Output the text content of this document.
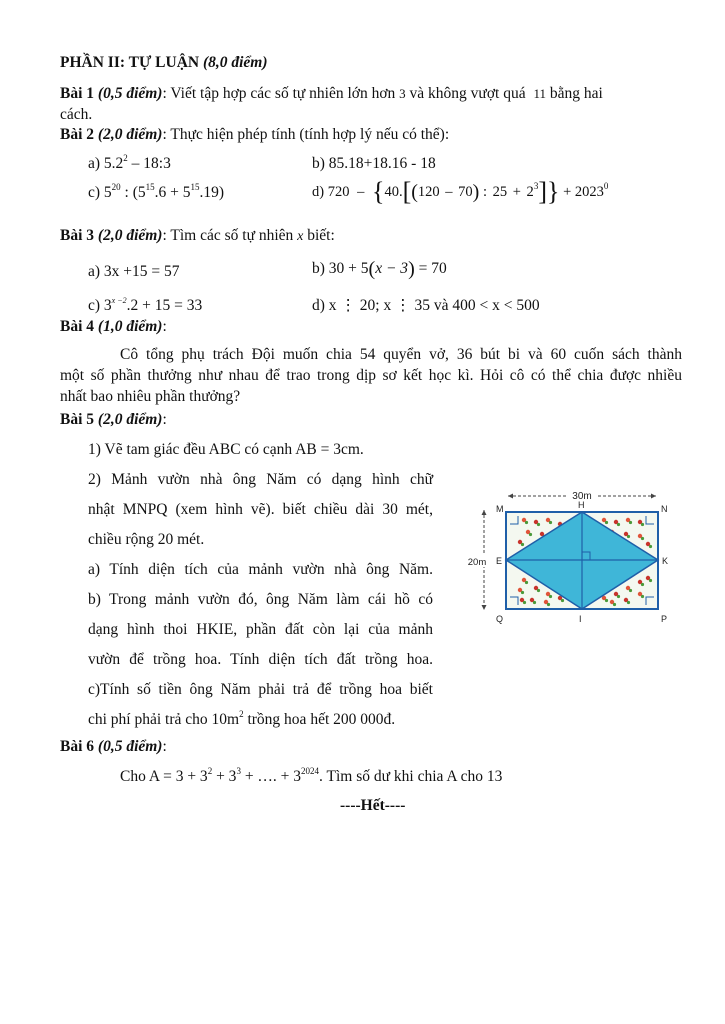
PHẦN II: TỰ LUẬN (8,0 điểm)
Bài 1 (0,5 điểm): Viết tập hợp các số tự nhiên lớn hơn 3 và không vượt quá 11 bằng hai
cách.
Bài 2 (2,0 điểm): Thực hiện phép tính (tính hợp lý nếu có thể):
a) $5.2^2$ – 18:3	b) 85.18+18.16 - 18
c) $5^{20}$ : $(5^{15}.6 + 5^{15}.19)$	d) 720 – {40.[(120 – 70) : $25 + 2^3]\} + 2023^0$
Bài 3 (2,0 điểm): Tìm các số tự nhiên x biết:
a) 3x +15 = 57	b) 30 + 5(x − 3) = 70
c) $3^{x -2}.2 + 15 = 33$	d) x ⋮ 20; x ⋮ 35 và 400 < x < 500
Bài 4 (1,0 điểm):
Cô tổng phụ trách Đội muốn chia 54 quyển vở, 36 bút bi và 60 cuốn sách thành
một số phần thưởng như nhau để trao trong dịp sơ kết học kì. Hỏi cô có thể chia được nhiều
nhất bao nhiêu phần thưởng?
Bài 5 (2,0 điểm):
1) Vẽ tam giác đều ABC có cạnh AB = 3cm.
2) Mảnh vườn nhà ông Năm có dạng hình chữ
nhật MNPQ (xem hình vẽ). biết chiều dài 30 mét,
chiều rộng 20 mét.
a) Tính diện tích của mảnh vườn nhà ông Năm.
b) Trong mảnh vườn đó, ông Năm làm cái hồ có
dạng hình thoi HKIE, phần đất còn lại của mảnh
vườn để trồng hoa. Tính diện tích đất trồng hoa.
c)Tính số tiền ông Năm phải trả để trồng hoa biết
chi phí phải trả cho $10m^2$ trồng hoa hết 200 000đ.
30m
20m
M	H	N
E	K
Q	I	P
Bài 6 (0,5 điểm):
Cho $A = 3 + 3^2 + 3^3$ + …. + $3^{2024}$. Tìm số dư khi chia A cho 13
----Hết----
